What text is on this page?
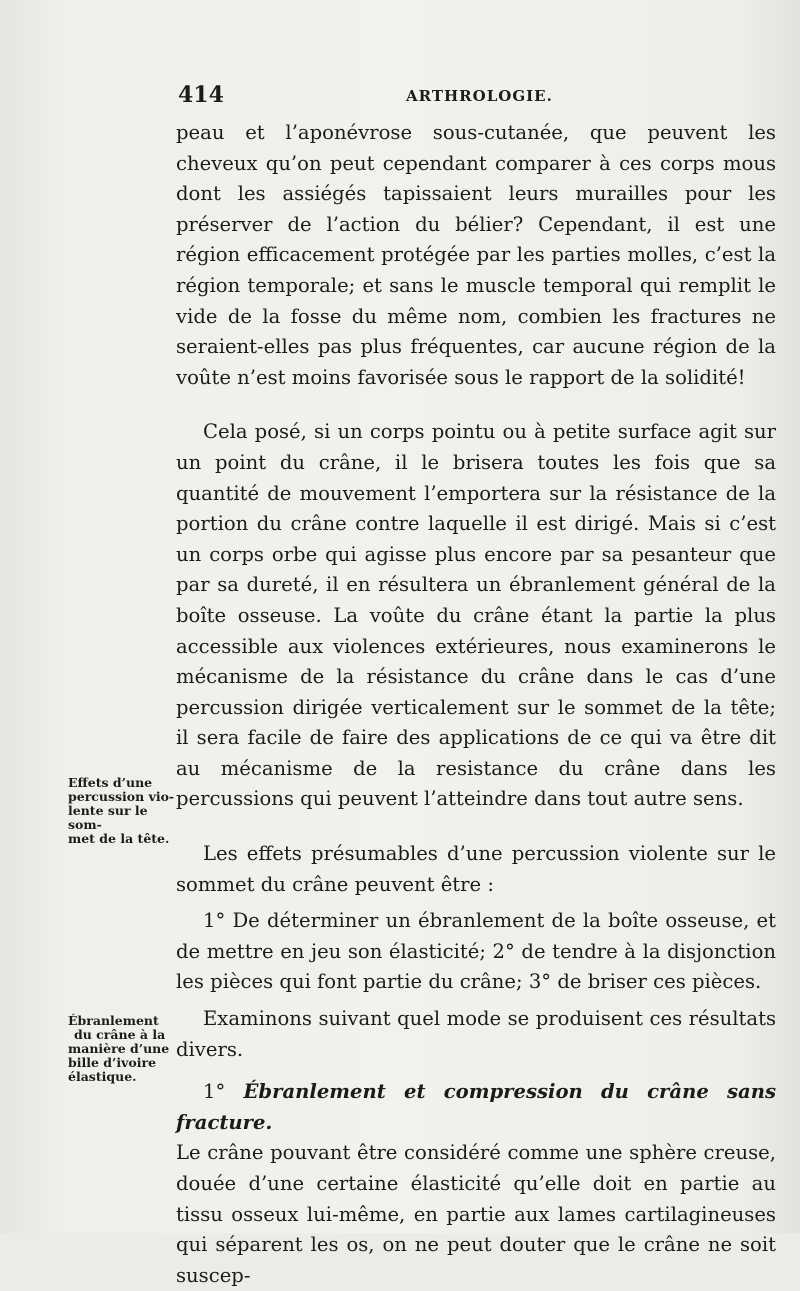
414	ARTHROLOGIE.

peau et l’aponévrose sous-cutanée, que peuvent les cheveux qu’on peut cependant comparer à ces corps mous dont les assiégés tapissaient leurs murailles pour les préserver de l’action du bélier? Cependant, il est une région efficacement protégée par les parties molles, c’est la région temporale; et sans le muscle temporal qui remplit le vide de la fosse du même nom, combien les fractures ne seraient-elles pas plus fréquentes, car aucune région de la voûte n’est moins favorisée sous le rapport de la solidité!

Cela posé, si un corps pointu ou à petite surface agit sur un point du crâne, il le brisera toutes les fois que sa quantité de mouvement l’emportera sur la résistance de la portion du crâne contre laquelle il est dirigé. Mais si c’est un corps orbe qui agisse plus encore par sa pesanteur que par sa dureté, il en résultera un ébranlement général de la boîte osseuse. La voûte du crâne étant la partie la plus accessible aux violences extérieures, nous examinerons le mécanisme de la résistance du crâne dans le cas d’une percussion dirigée verticalement sur le sommet de la tête; il sera facile de faire des applications de ce qui va être dit au mécanisme de la resistance du crâne dans les percussions qui peuvent l’atteindre dans tout autre sens.

Les effets présumables d’une percussion violente sur le sommet du crâne peuvent être :

1° De déterminer un ébranlement de la boîte osseuse, et de mettre en jeu son élasticité; 2° de tendre à la disjonction les pièces qui font partie du crâne; 3° de briser ces pièces.

Examinons suivant quel mode se produisent ces résultats divers.

1° Ébranlement et compression du crâne sans fracture.

Le crâne pouvant être considéré comme une sphère creuse, douée d’une certaine élasticité qu’elle doit en partie au tissu osseux lui-même, en partie aux lames cartilagineuses qui séparent les os, on ne peut douter que le crâne ne soit suscep-

Effets d’une
percussion vio-
lente sur le som-
met de la tête.
Ébranlement
du crâne à la
manière d’une
bille d’ivoire
élastique.
